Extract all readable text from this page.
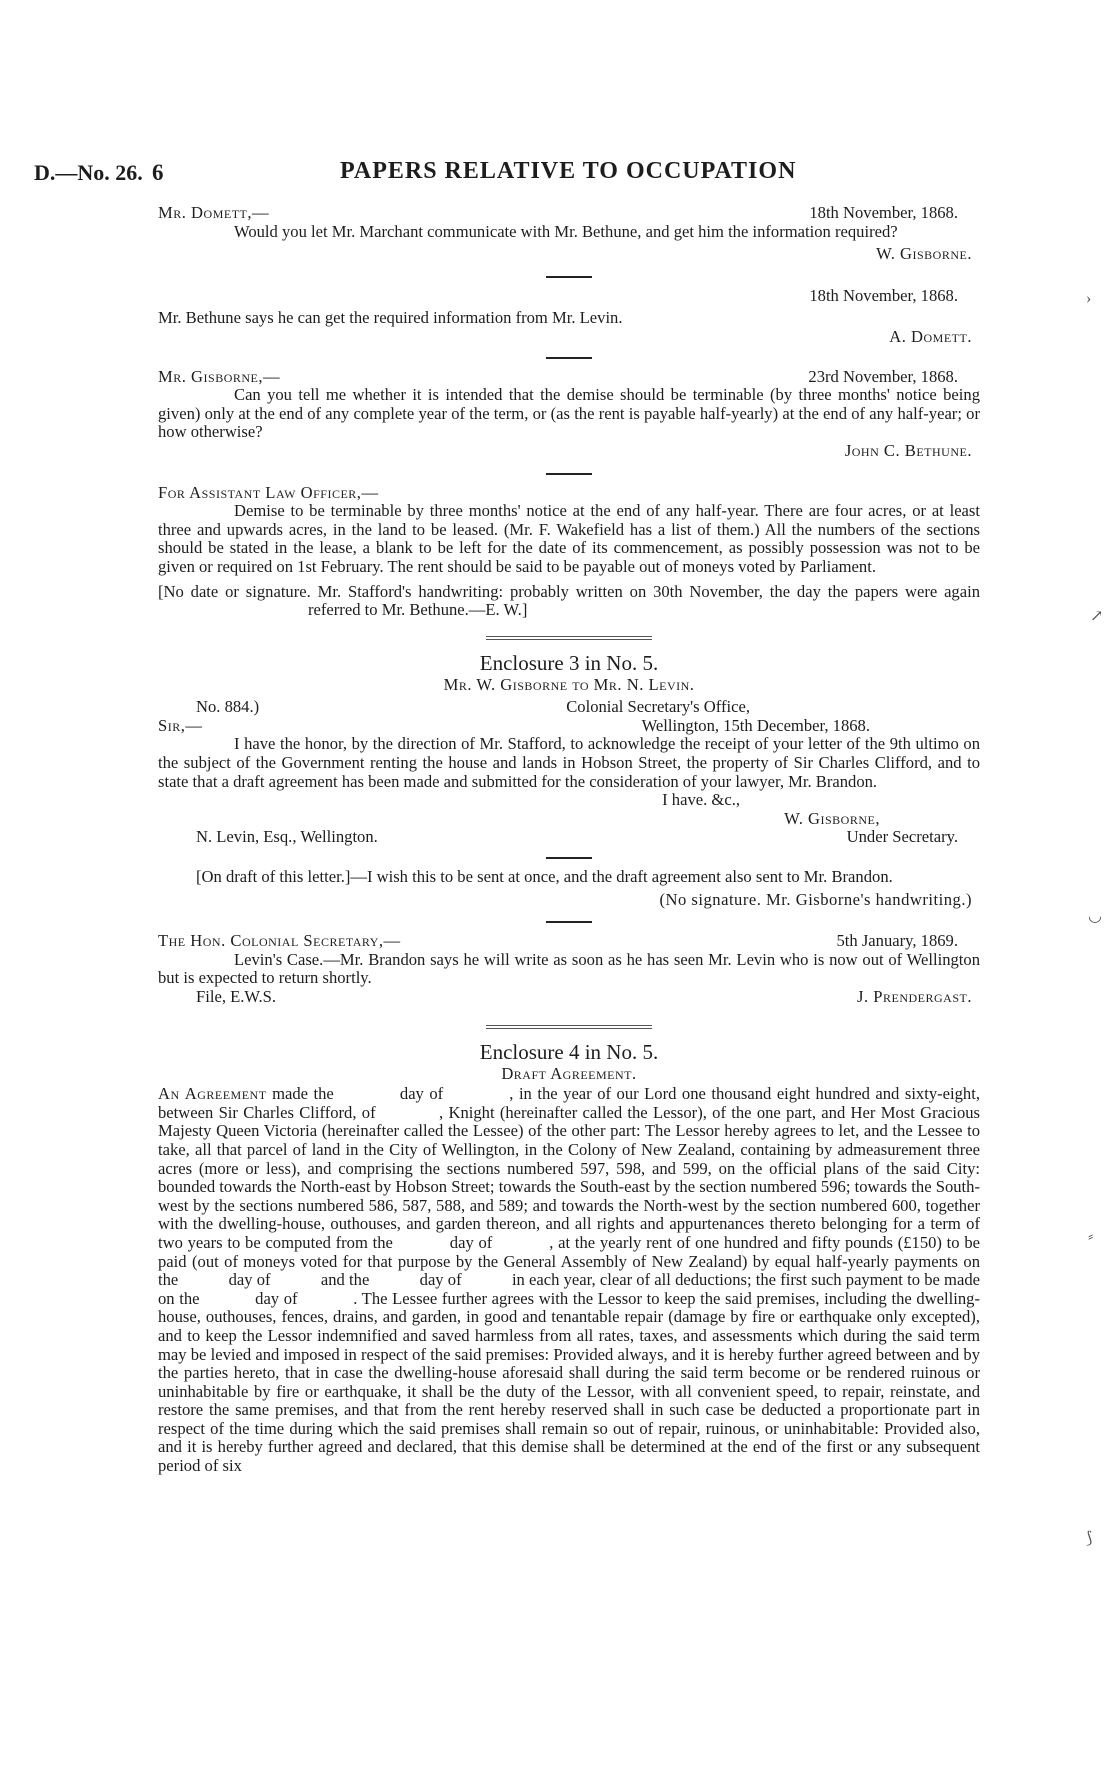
D.—No. 26. 6	PAPERS RELATIVE TO OCCUPATION
›
↗
◡
⸗
⟆
Mr. Domett,—	18th November, 1868.

Would you let Mr. Marchant communicate with Mr. Bethune, and get him the information required?

W. Gisborne.
18th November, 1868.

Mr. Bethune says he can get the required information from Mr. Levin.

A. Domett.
Mr. Gisborne,—	23rd November, 1868.

Can you tell me whether it is intended that the demise should be terminable (by three months' notice being given) only at the end of any complete year of the term, or (as the rent is payable half-yearly) at the end of any half-year; or how otherwise?

John C. Bethune.
For Assistant Law Officer,—

Demise to be terminable by three months' notice at the end of any half-year. There are four acres, or at least three and upwards acres, in the land to be leased. (Mr. F. Wakefield has a list of them.) All the numbers of the sections should be stated in the lease, a blank to be left for the date of its commencement, as possibly possession was not to be given or required on 1st February. The rent should be said to be payable out of moneys voted by Parliament.

[No date or signature. Mr. Stafford's handwriting: probably written on 30th November, the day the papers were again referred to Mr. Bethune.—E. W.]

Enclosure 3 in No. 5.
Mr. W. Gisborne to Mr. N. Levin.
No. 884.)	Colonial Secretary's Office,
Sir,—	Wellington, 15th December, 1868.

I have the honor, by the direction of Mr. Stafford, to acknowledge the receipt of your letter of the 9th ultimo on the subject of the Government renting the house and lands in Hobson Street, the property of Sir Charles Clifford, and to state that a draft agreement has been made and submitted for the consideration of your lawyer, Mr. Brandon.

I have. &c.,
W. Gisborne,
N. Levin, Esq., Wellington.	Under Secretary.

[On draft of this letter.]—I wish this to be sent at once, and the draft agreement also sent to Mr. Brandon.

(No signature. Mr. Gisborne's handwriting.)
The Hon. Colonial Secretary,—	5th January, 1869.

Levin's Case.—Mr. Brandon says he will write as soon as he has seen Mr. Levin who is now out of Wellington but is expected to return shortly.

File, E.W.S.	J. Prendergast.
Enclosure 4 in No. 5.
Draft Agreement.

An Agreement made the            day of            , in the year of our Lord one thousand eight hundred and sixty-eight, between Sir Charles Clifford, of            , Knight (hereinafter called the Lessor), of the one part, and Her Most Gracious Majesty Queen Victoria (hereinafter called the Lessee) of the other part: The Lessor hereby agrees to let, and the Lessee to take, all that parcel of land in the City of Wellington, in the Colony of New Zealand, containing by admeasurement three acres (more or less), and comprising the sections numbered 597, 598, and 599, on the official plans of the said City: bounded towards the North-east by Hobson Street; towards the South-east by the section numbered 596; towards the South-west by the sections numbered 586, 587, 588, and 589; and towards the North-west by the section numbered 600, together with the dwelling-house, outhouses, and garden thereon, and all rights and appurtenances thereto belonging for a term of two years to be computed from the            day of            , at the yearly rent of one hundred and fifty pounds (£150) to be paid (out of moneys voted for that purpose by the General Assembly of New Zealand) by equal half-yearly payments on the            day of            and the            day of            in each year, clear of all deductions; the first such payment to be made on the            day of            . The Lessee further agrees with the Lessor to keep the said premises, including the dwelling-house, outhouses, fences, drains, and garden, in good and tenantable repair (damage by fire or earthquake only excepted), and to keep the Lessor indemnified and saved harmless from all rates, taxes, and assessments which during the said term may be levied and imposed in respect of the said premises: Provided always, and it is hereby further agreed between and by the parties hereto, that in case the dwelling-house aforesaid shall during the said term become or be rendered ruinous or uninhabitable by fire or earthquake, it shall be the duty of the Lessor, with all convenient speed, to repair, reinstate, and restore the same premises, and that from the rent hereby reserved shall in such case be deducted a proportionate part in respect of the time during which the said premises shall remain so out of repair, ruinous, or uninhabitable: Provided also, and it is hereby further agreed and declared, that this demise shall be determined at the end of the first or any subsequent period of six
